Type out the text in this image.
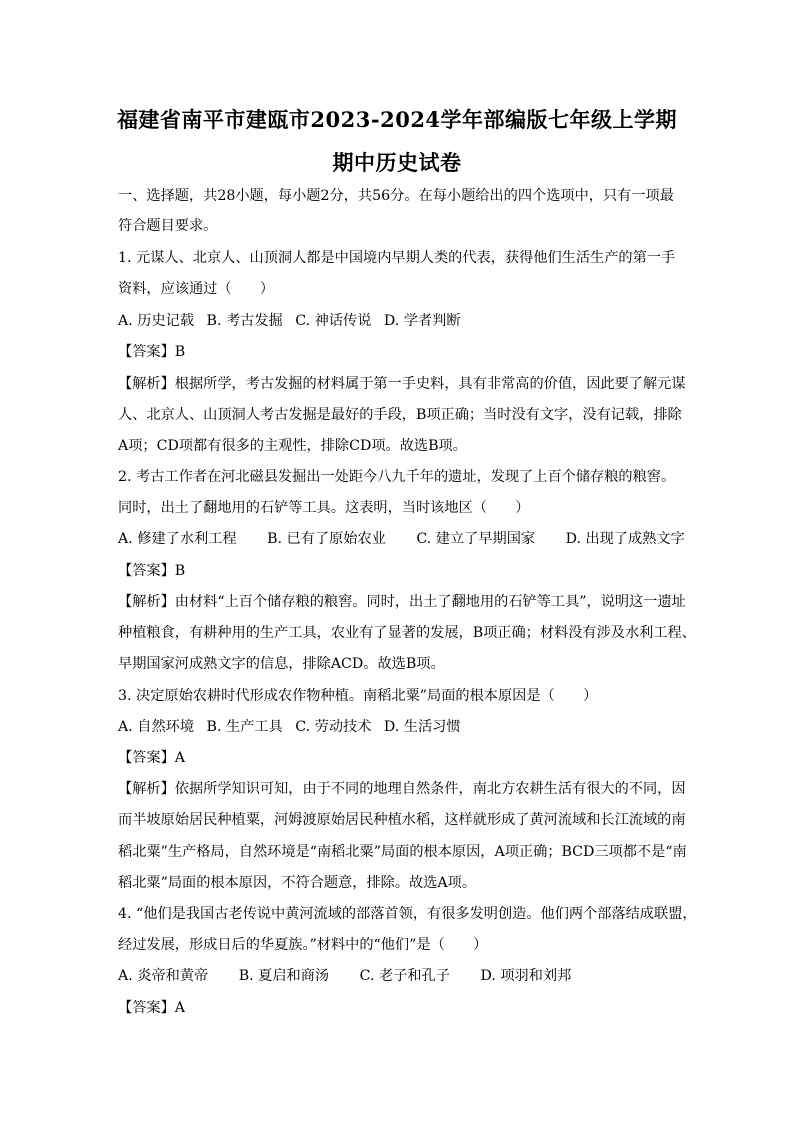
福建省南平市建瓯市2023-2024学年部编版七年级上学期
期中历史试卷
一、选择题，共28小题，每小题2分，共56分。在每小题给出的四个选项中，只有一项最
符合题目要求。
1. 元谋人、北京人、山顶洞人都是中国境内早期人类的代表，获得他们生活生产的第一手
资料，应该通过（　　）
A. 历史记载 B. 考古发掘 C. 神话传说 D. 学者判断
【答案】B
【解析】根据所学，考古发掘的材料属于第一手史料，具有非常高的价值，因此要了解元谋
人、北京人、山顶洞人考古发掘是最好的手段，B项正确；当时没有文字，没有记载，排除
A项；CD项都有很多的主观性，排除CD项。故选B项。
2. 考古工作者在河北磁县发掘出一处距今八九千年的遗址，发现了上百个储存粮的粮窖。
同时，出土了翻地用的石铲等工具。这表明，当时该地区（　　）
A. 修建了水利工程 B. 已有了原始农业 C. 建立了早期国家 D. 出现了成熟文字
【答案】B
【解析】由材料“上百个储存粮的粮窖。同时，出土了翻地用的石铲等工具”，说明这一遗址
种植粮食，有耕种用的生产工具，农业有了显著的发展，B项正确；材料没有涉及水利工程、
早期国家河成熟文字的信息，排除ACD。故选B项。
3. 决定原始农耕时代形成农作物种植。南稻北粟”局面的根本原因是（　　）
A. 自然环境 B. 生产工具 C. 劳动技术 D. 生活习惯
【答案】A
【解析】依据所学知识可知，由于不同的地理自然条件，南北方农耕生活有很大的不同，因
而半坡原始居民种植粟，河姆渡原始居民种植水稻，这样就形成了黄河流域和长江流域的南
稻北粟”生产格局，自然环境是“南稻北粟”局面的根本原因，A项正确；BCD三项都不是“南
稻北粟”局面的根本原因，不符合题意，排除。故选A项。
4. “他们是我国古老传说中黄河流域的部落首领，有很多发明创造。他们两个部落结成联盟，
经过发展，形成日后的华夏族。”材料中的“他们”是（　　）
A. 炎帝和黄帝 B. 夏启和商汤 C. 老子和孔子 D. 项羽和刘邦
【答案】A
